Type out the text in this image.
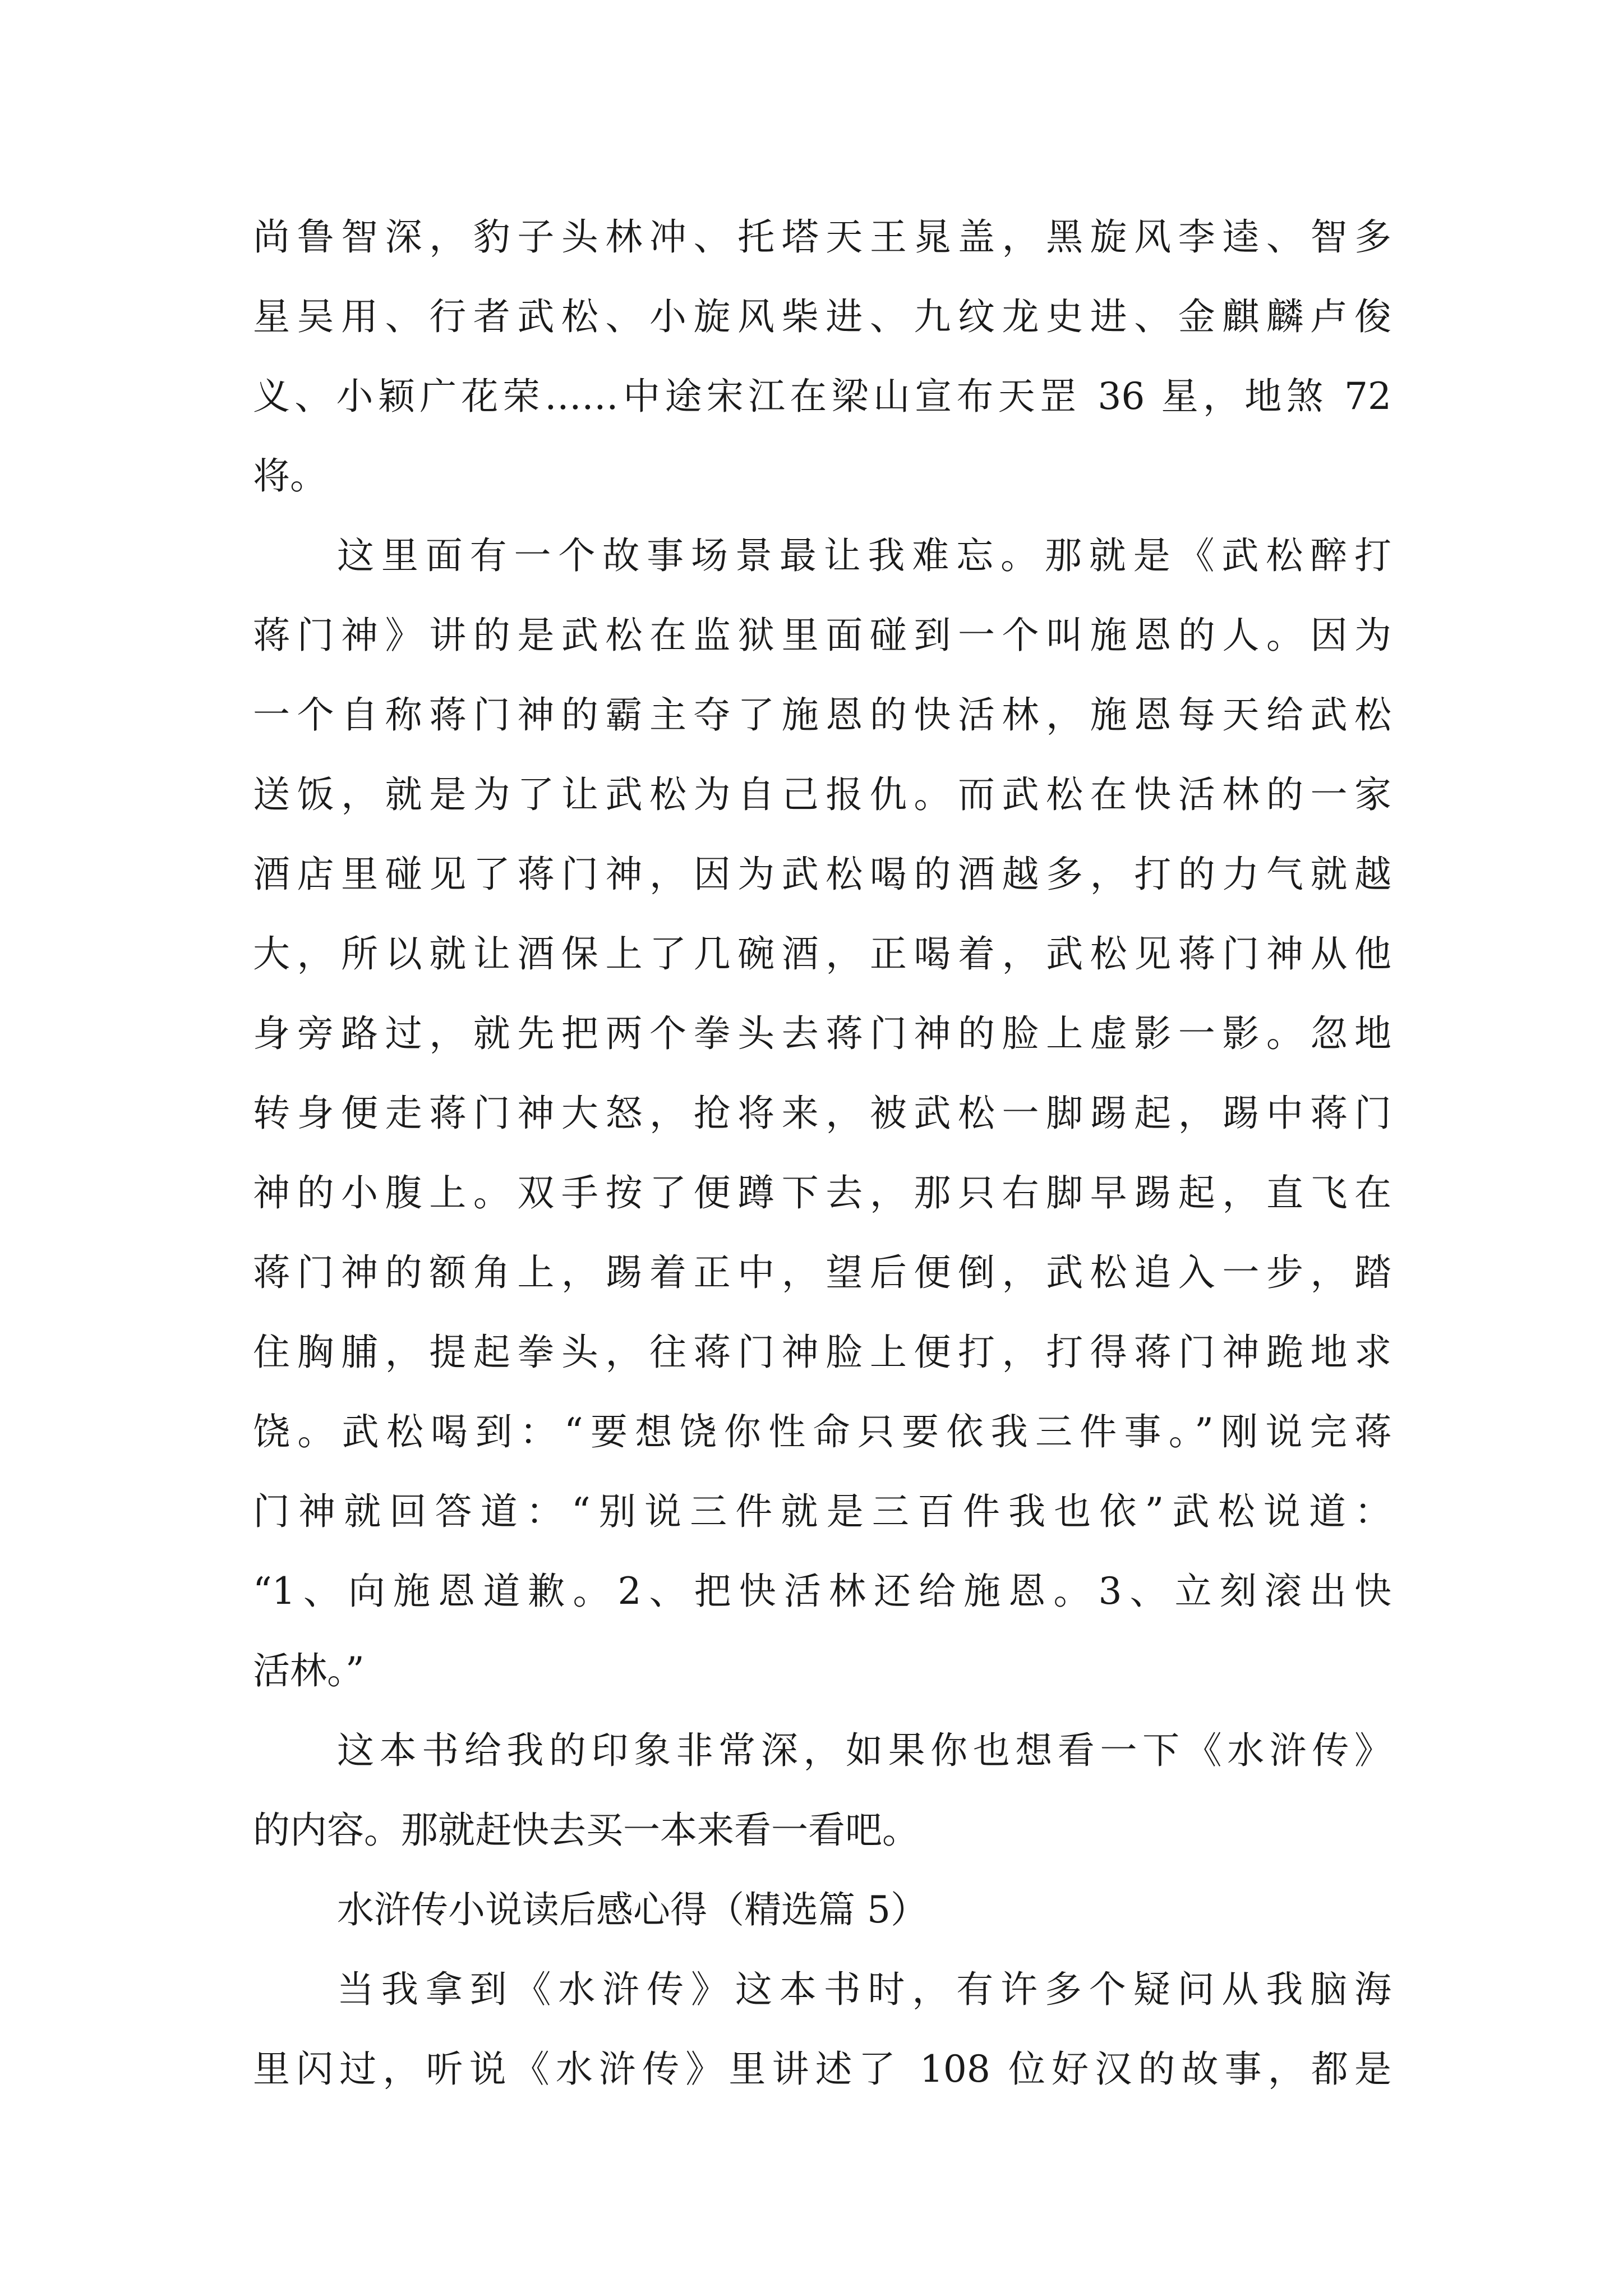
尚鲁智深，豹子头林冲、托塔天王晁盖，黑旋风李逵、智多
星吴用、行者武松、小旋风柴进、九纹龙史进、金麒麟卢俊
义、小颖广花荣……中途宋江在梁山宣布天罡 36 星，地煞 72
将。
这里面有一个故事场景最让我难忘。那就是《武松醉打
蒋门神》讲的是武松在监狱里面碰到一个叫施恩的人。因为
一个自称蒋门神的霸主夺了施恩的快活林，施恩每天给武松
送饭，就是为了让武松为自己报仇。而武松在快活林的一家
酒店里碰见了蒋门神，因为武松喝的酒越多，打的力气就越
大，所以就让酒保上了几碗酒，正喝着，武松见蒋门神从他
身旁路过，就先把两个拳头去蒋门神的脸上虚影一影。忽地
转身便走蒋门神大怒，抢将来，被武松一脚踢起，踢中蒋门
神的小腹上。双手按了便蹲下去，那只右脚早踢起，直飞在
蒋门神的额角上，踢着正中，望后便倒，武松追入一步，踏
住胸脯，提起拳头，往蒋门神脸上便打，打得蒋门神跪地求
饶。武松喝到：“要想饶你性命只要依我三件事。”刚说完蒋
门神就回答道：“别说三件就是三百件我也依”武松说道：
“1、向施恩道歉。2、把快活林还给施恩。3、立刻滚出快
活林。”
这本书给我的印象非常深，如果你也想看一下《水浒传》
的内容。那就赶快去买一本来看一看吧。
水浒传小说读后感心得（精选篇 5）
当我拿到《水浒传》这本书时，有许多个疑问从我脑海
里闪过，听说《水浒传》里讲述了 108 位好汉的故事，都是
